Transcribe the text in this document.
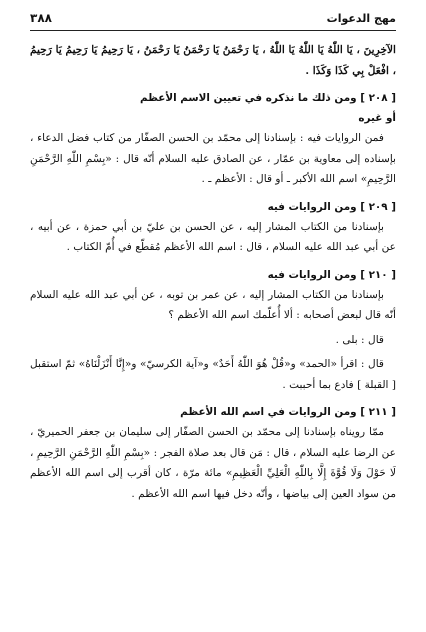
٣٨٨	مهج الدعوات

الآخِرِينَ ، يَا اللّٰهُ يَا اللّٰهُ يَا اللّٰهُ ، يَا رَحْمَنُ يَا رَحْمَنُ يَا رَحْمَنُ ، يَا رَحِيمُ يَا رَحِيمُ يَا رَحِيمُ ، افْعَلْ بِي كَذَا وَكَذَا .

[ ٢٠٨ ] ومن ذلك ما نذكره في تعيين الاسم الأعظم

أو غيره

فمن الروايات فيه : بإسنادنا إلى محمّد بن الحسن الصفّار من كتاب فضل الدعاء ، بإسناده إلى معاوية بن عمّار ، عن الصادق عليه السلام أنّه قال : «بِسْمِ اللّٰهِ الرَّحْمَنِ الرَّحِيمِ» اسم الله الأكبر ـ أو قال : الأعظم ـ .

[ ٢٠٩ ] ومن الروايات فيه

بإسنادنا من الكتاب المشار إليه ، عن الحسن بن عليّ بن أبي حمزة ، عن أبيه ، عن أبي عبد الله عليه السلام ، قال : اسم الله الأعظم مُقطّع في أُمّ الكتاب .

[ ٢١٠ ] ومن الروايات فيه

بإسنادنا من الكتاب المشار إليه ، عن عمر بن توبه ، عن أبي عبد الله عليه السلام أنّه قال لبعض أصحابه : ألا أُعلّمك اسم الله الأعظم ؟

قال : بلى .

قال : اقرأ «الحمد» و«قُلْ هُوَ اللّٰهُ أَحَدٌ» و«آية الكرسيّ» و«إِنَّا أَنْزَلْنَاهُ» ثمّ استقبل [ القبلة ] فادع بما أحببت .

[ ٢١١ ] ومن الروايات في اسم الله الأعظم

ممّا رويناه بإسنادنا إلى محمّد بن الحسن الصفّار إلى سليمان بن جعفر الحميريّ ، عن الرضا عليه السلام ، قال : مَن قال بعد صلاة الفجر : «بِسْمِ اللّٰهِ الرَّحْمَنِ الرَّحِيمِ ، لَا حَوْلَ وَلَا قُوَّةَ إِلَّا بِاللّٰهِ الْعَلِيِّ الْعَظِيمِ» مائة مرّة ، كان أقرب إلى اسم الله الأعظم من سواد العين إلى بياضها ، وأنّه دخل فيها اسم الله الأعظم .
